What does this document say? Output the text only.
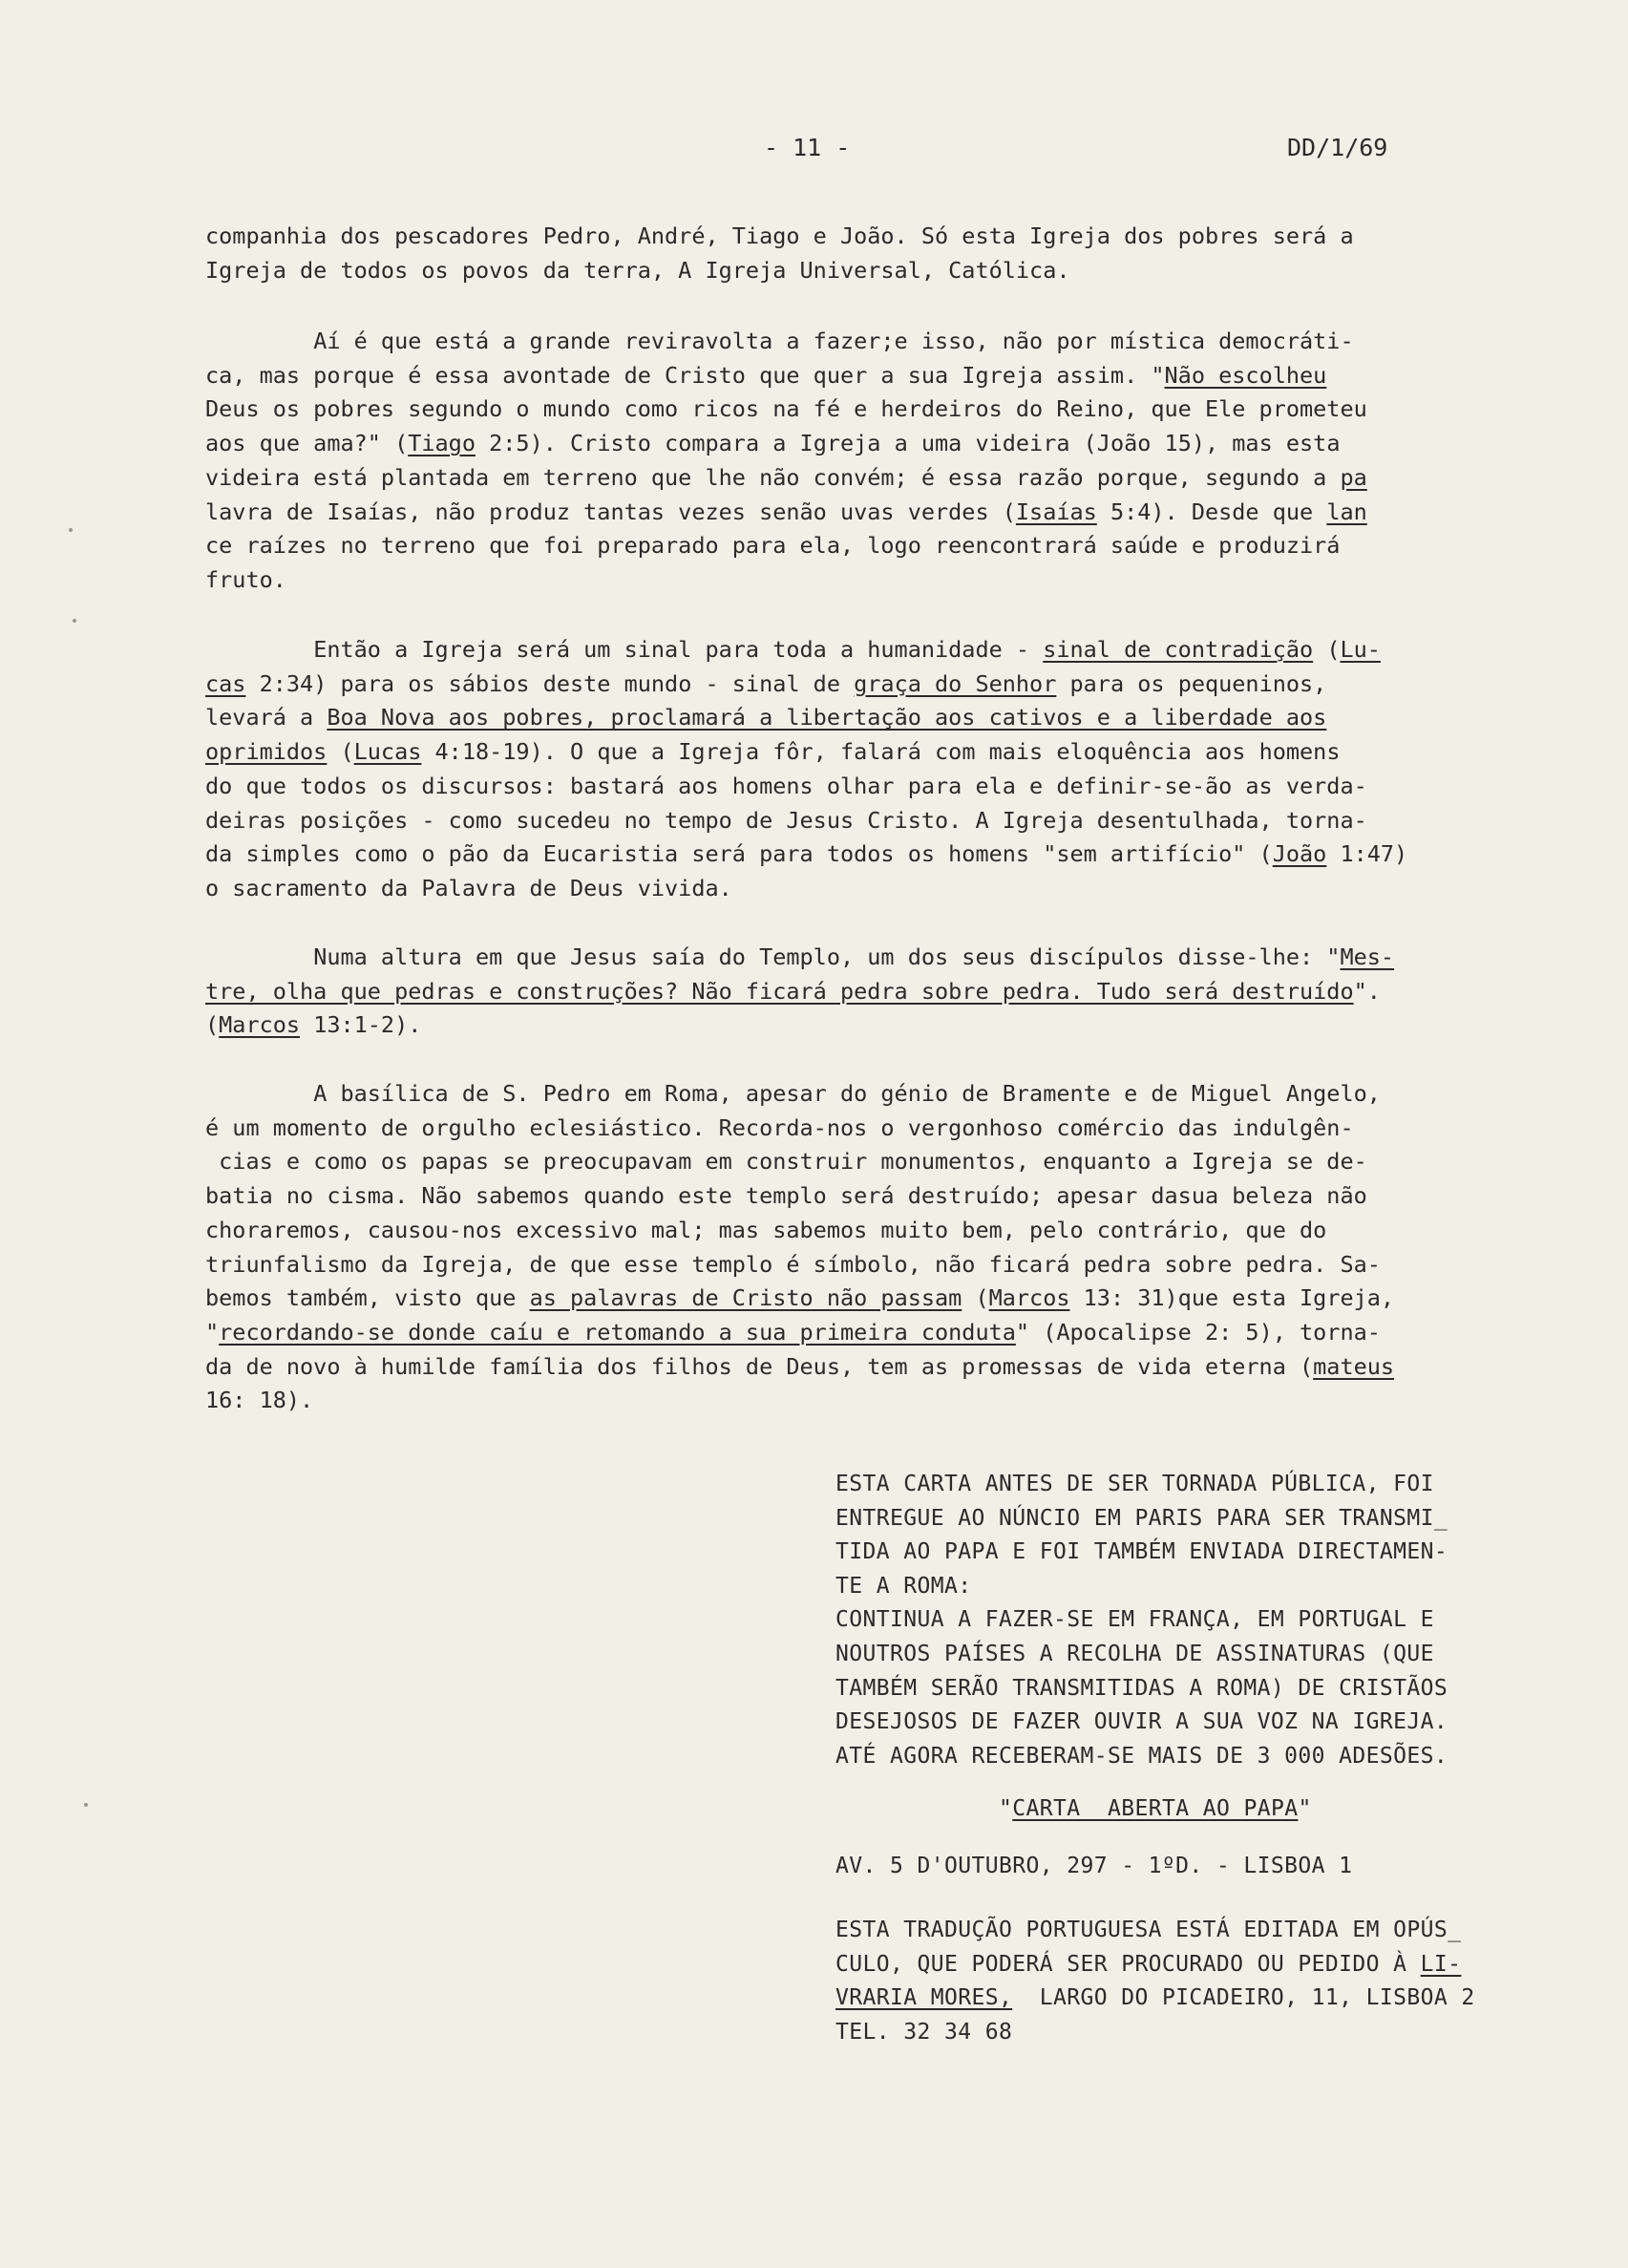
- 11 -	DD/1/69

companhia dos pescadores Pedro, André, Tiago e João. Só esta Igreja dos pobres será a

Igreja de todos os povos da terra, A Igreja Universal, Católica.

Aí é que está a grande reviravolta a fazer;e isso, não por mística democráti-

ca, mas porque é essa avontade de Cristo que quer a sua Igreja assim. "Não escolheu

Deus os pobres segundo o mundo como ricos na fé e herdeiros do Reino, que Ele prometeu

aos que ama?" (Tiago 2:5). Cristo compara a Igreja a uma videira (João 15), mas esta

videira está plantada em terreno que lhe não convém; é essa razão porque, segundo a pa

lavra de Isaías, não produz tantas vezes senão uvas verdes (Isaías 5:4). Desde que lan

ce raízes no terreno que foi preparado para ela, logo reencontrará saúde e produzirá

fruto.

Então a Igreja será um sinal para toda a humanidade - sinal de contradição (Lu-

cas 2:34) para os sábios deste mundo - sinal de graça do Senhor para os pequeninos,

levará a Boa Nova aos pobres, proclamará a libertação aos cativos e a liberdade aos

oprimidos (Lucas 4:18-19). O que a Igreja fôr, falará com mais eloquência aos homens

do que todos os discursos: bastará aos homens olhar para ela e definir-se-ão as verda-

deiras posições - como sucedeu no tempo de Jesus Cristo. A Igreja desentulhada, torna-

da simples como o pão da Eucaristia será para todos os homens "sem artifício" (João 1:47)

o sacramento da Palavra de Deus vivida.

Numa altura em que Jesus saía do Templo, um dos seus discípulos disse-lhe: "Mes-

tre, olha que pedras e construções? Não ficará pedra sobre pedra. Tudo será destruído".

(Marcos 13:1-2).

A basílica de S. Pedro em Roma, apesar do génio de Bramente e de Miguel Angelo,

é um momento de orgulho eclesiástico. Recorda-nos o vergonhoso comércio das indulgên-

cias e como os papas se preocupavam em construir monumentos, enquanto a Igreja se de-

batia no cisma. Não sabemos quando este templo será destruído; apesar dasua beleza não

choraremos, causou-nos excessivo mal; mas sabemos muito bem, pelo contrário, que do

triunfalismo da Igreja, de que esse templo é símbolo, não ficará pedra sobre pedra. Sa-

bemos também, visto que as palavras de Cristo não passam (Marcos 13: 31)que esta Igreja,

"recordando-se donde caíu e retomando a sua primeira conduta" (Apocalipse 2: 5), torna-

da de novo à humilde família dos filhos de Deus, tem as promessas de vida eterna (mateus

16: 18).

ESTA CARTA ANTES DE SER TORNADA PÚBLICA, FOI

ENTREGUE AO NÚNCIO EM PARIS PARA SER TRANSMI_

TIDA AO PAPA E FOI TAMBÉM ENVIADA DIRECTAMEN-

TE A ROMA:

CONTINUA A FAZER-SE EM FRANÇA, EM PORTUGAL E

NOUTROS PAÍSES A RECOLHA DE ASSINATURAS (QUE

TAMBÉM SERÃO TRANSMITIDAS A ROMA) DE CRISTÃOS

DESEJOSOS DE FAZER OUVIR A SUA VOZ NA IGREJA.

ATÉ AGORA RECEBERAM-SE MAIS DE 3 000 ADESÕES.

"CARTA  ABERTA AO PAPA"

AV. 5 D'OUTUBRO, 297 - 1ºD. - LISBOA 1

ESTA TRADUÇÃO PORTUGUESA ESTÁ EDITADA EM OPÚS_

CULO, QUE PODERÁ SER PROCURADO OU PEDIDO À LI-

VRARIA MORES,  LARGO DO PICADEIRO, 11, LISBOA 2

TEL. 32 34 68
